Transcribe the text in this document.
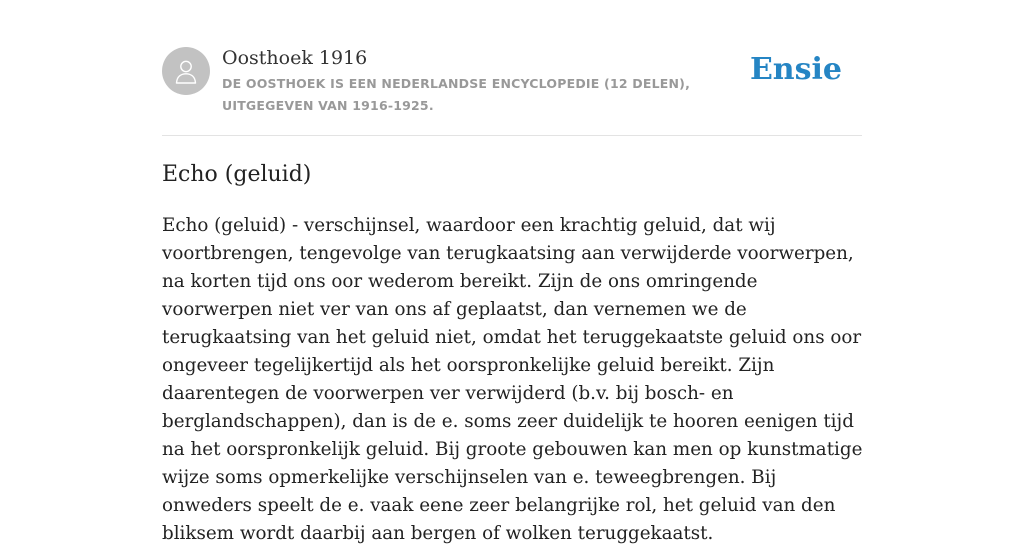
Oosthoek 1916
DE OOSTHOEK IS EEN NEDERLANDSE ENCYCLOPEDIE (12 DELEN), UITGEGEVEN VAN 1916-1925.
Ensie
Echo (geluid)

Echo (geluid) - verschijnsel, waardoor een krachtig geluid, dat wij voortbrengen, tengevolge van terugkaatsing aan verwijderde voorwerpen, na korten tijd ons oor wederom bereikt. Zijn de ons omringende voorwerpen niet ver van ons af geplaatst, dan vernemen we de terugkaatsing van het geluid niet, omdat het teruggekaatste geluid ons oor ongeveer tegelijkertijd als het oorspronkelijke geluid bereikt. Zijn daarentegen de voorwerpen ver verwijderd (b.v. bij bosch- en berglandschappen), dan is de e. soms zeer duidelijk te hooren eenigen tijd na het oorspronkelijk geluid. Bij groote gebouwen kan men op kunstmatige wijze soms opmerkelijke verschijnselen van e. teweegbrengen. Bij onweders speelt de e. vaak eene zeer belangrijke rol, het geluid van den bliksem wordt daarbij aan bergen of wolken teruggekaatst.
